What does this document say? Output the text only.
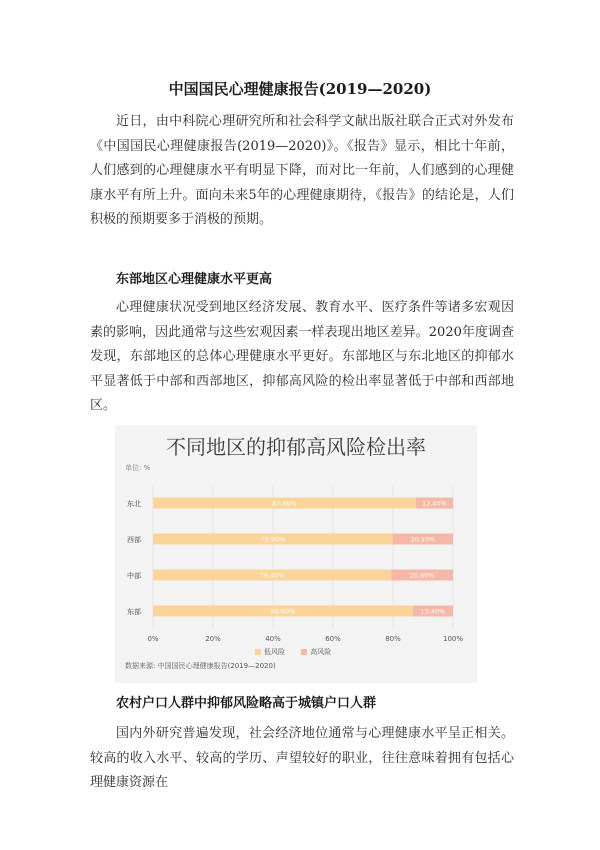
中国国民心理健康报告(2019—2020)

近日，由中科院心理研究所和社会科学文献出版社联合正式对外发布《中国国民心理健康报告(2019—2020)》。《报告》显示，相比十年前，人们感到的心理健康水平有明显下降，而对比一年前，人们感到的心理健康水平有所上升。面向未来5年的心理健康期待，《报告》的结论是，人们积极的预期要多于消极的预期。

东部地区心理健康水平更高

心理健康状况受到地区经济发展、教育水平、医疗条件等诸多宏观因素的影响，因此通常与这些宏观因素一样表现出地区差异。2020年度调查发现，东部地区的总体心理健康水平更好。东部地区与东北地区的抑郁水平显著低于中部和西部地区，抑郁高风险的检出率显著低于中部和西部地区。

不同地区的抑郁高风险检出率
单位: %
0%	20%	40%	60%	80%	100%
东北	87.60%	12.40%
西部	79.90%	20.10%
中部	79.40%	20.60%
东部	86.60%	13.40%
低风险	高风险
数据来源: 中国国民心理健康报告(2019—2020)
农村户口人群中抑郁风险略高于城镇户口人群

国内外研究普遍发现，社会经济地位通常与心理健康水平呈正相关。较高的收入水平、较高的学历、声望较好的职业，往往意味着拥有包括心理健康资源在
